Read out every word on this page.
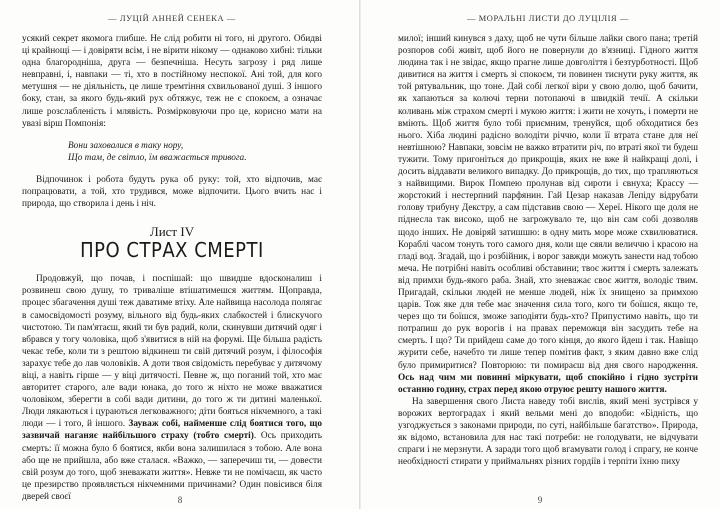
— ЛУЦІЙ АННЕЙ СЕНЕКА —

усякий секрет якомога глибше. Не слід робити ні того, ні другого. Обидві ці крайнощі — і довіряти всім, і не вірити нікому — однаково хибні: тільки одна благородніша, друга — безпечніша. Несуть загрозу і ряд лише невправні, і, навпаки — ті, хто в постійному неспокої. Ані той, для кого метушня — не діяльність, це лише тремтіння схвильованої душі. З іншого боку, стан, за якого будь-який рух обтяжує, теж не є спокоєм, а означає лише розслабленість і млявість. Розмірковуючи про це, корисно мати на увазі вірш Помпонія:

Вони заховалися в таку нору,
Що там, де світло, їм вважається тривога.

Відпочинок і робота будуть рука об руку: той, хто відпочив, має попрацювати, а той, хто трудився, може відпочити. Цього вчить нас і природа, що створила і день і ніч.

Лист IV
ПРО СТРАХ СМЕРТІ

Продовжуй, що почав, і поспішай: що швидше вдосконалиш і розвинеш свою душу, то триваліше втішатимешся життям. Щоправда, процес збагачення душі теж даватиме втіху. Але найвища насолода полягає в самосвідомості розуму, вільного від будь-яких слабкостей і блискучого чистотою. Ти пам'ятаєш, який ти був радий, коли, скинувши дитячий одяг і вбрався у тогу чоловіка, щоб з'явитися в ній на форумі. Ще більша радість чекає тебе, коли ти з рештою відкинеш ти свій дитячий розум, і філософія зарахує тебе до лав чоловіків. А доти твоя свідомість перебуває у дитячому віці, а навіть гірше — у віці дитячості. Певне ж, що поганий той, хто має авторитет старого, але вади юнака, до того ж ніхто не може вважатися чоловіком, зберегти в собі вади дитини, до того ж ти дитині маленької. Люди лякаються і цураються легковажного; діти бояться нікчемного, а такі люди — і того, й іншого. Зауваж собі, найменше слід боятися того, що зазвичай наганяє найбільшого страху (тобто смерті). Ось приходить смерть: її можна було б боятися, якби вона залишилася з тобою. Але вона або ще не прийшла, або вже сталася. «Важко, — заперечиш ти, — довести свій розум до того, щоб зневажати життя». Невже ти не помічаєш, як часто це презирство проявляється нікчемними причинами? Один повісився біля дверей своєї	8
— МОРАЛЬНІ ЛИСТИ ДО ЛУЦІЛІЯ —

милої; інший кинувся з даху, щоб не чути більше лайки свого пана; третій розпоров собі живіт, щоб його не повернули до в'язниці. Гідного життя людина так і не звідає, якщо прагне лише довголіття і безтурботності. Щоб дивитися на життя і смерть зі спокоєм, ти повинен тиснути руку життя, як той рятувальник, що тоне. Дай собі легкої віри у свою долю, щоб бачити, як хапаються за колючі терни потопаючі в швидкій течії. А скільки коливань між страхом смерті і мукою життя: і жити не хочуть, і померти не вміють. Щоб життя було тобі приємним, тренуйся, щоб обходитися без нього. Хіба людині радісно володіти річчю, коли її втрата стане для неї невтішною? Навпаки, зовсім не важко втратити річ, по втраті якої ти будеш тужити. Тому пригоніться до прикрощів, яких не вже й найкращі долі, і досить віддавати великого випадку. До прикрощів, до тих, що трапляються з найвищими. Вирок Помпею пролунав від сироти і євнуха; Крассу — жорстокий і нестерпний парфянин. Гай Цезар наказав Лепіду відрубати голову трибуну Декстру, а сам підставив свою — Хереї. Нікого ще доля не піднесла так високо, щоб не загрожувало те, що він сам собі дозволяв щодо інших. Не довіряй затишшю: в одну мить море може схвилюватися. Кораблі часом тонуть того самого дня, коли ще сяяли величчю і красою на гладі вод. Згадай, що і розбійник, і ворог завжди можуть занести над тобою меча. Не потрібні навіть особливі обставини; твоє життя і смерть залежать від примхи будь-якого раба. Знай, хто зневажає своє життя, володіє твим. Пригадай, скільки людей не менше людей, ніж їх знищено за примхою царів. Тож яке для тебе має значення сила того, кого ти боїшся, якщо те, через що ти боїшся, зможе заподіяти будь-хто? Припустимо навіть, що ти потрапиш до рук ворогів і на правах переможця він засудить тебе на смерть. І що? Ти прийдеш саме до того кінця, до якого йдеш і так. Навіщо журити себе, начебто ти лише тепер помітив факт, з яким давно вже слід було примиритися? Повторюю: ти помираєш від дня свого народження. Ось над чим ми повинні міркувати, щоб спокійно і гідно зустріти останню годину, страх перед якою отруює решту нашого життя.

На завершення свого Листа наведу тобі вислів, який мені зустрівся у ворожих вертоградах і який вельми мені до вподоби: «Бідність, що узгоджується з законами природи, по суті, найбільше багатство». Природа, як відомо, встановила для нас такі потреби: не голодувати, не відчувати спраги і не мерзнути. А заради того щоб вгамувати голод і спрагу, не конче необхідності стирати у приймальнях різних гордіїв і терпіти їхню пиху

9
